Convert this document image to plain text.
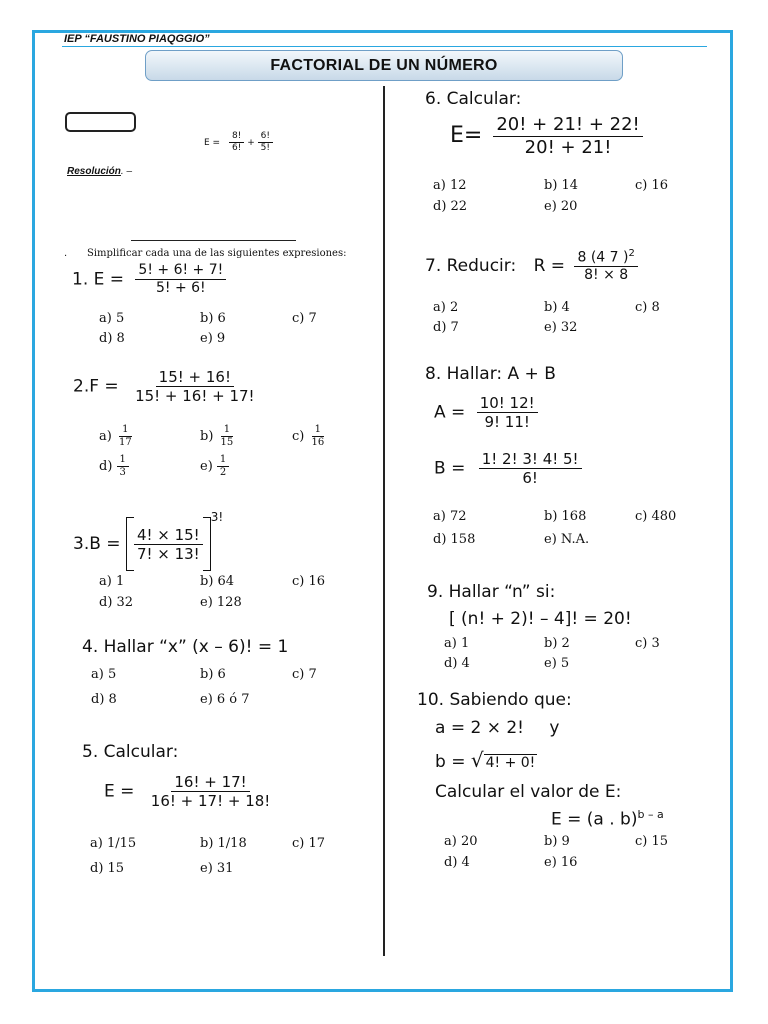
IEP “FAUSTINO PIAQGGIO”
FACTORIAL DE UN NÚMERO
$E = \frac{8!}{6!} + \frac{6!}{5!}$
Resolución. –
. Simplificar cada una de las siguientes expresiones:
1. $E = \frac{5! + 6! + 7!}{5! + 6!}$
a) 5	b) 6	c) 7
d) 8	e) 9
$2.F = \frac{15! + 16!}{15! + 16! + 17!}$
$a) \frac{1}{17}$	$b) \frac{1}{15}$	$c) \frac{1}{16}$
$d) \frac{1}{3}$	$e) \frac{1}{2}$
$3.B = \frac{4! \times 15!}{7! \times 13!}$
$^{3!}$
a) 1	b) 64	c) 16
d) 32	e) 128
4. Hallar “x” (x – 6)! = 1
a) 5	b) 6	c) 7
d) 8	e) 6 ó 7
5. Calcular:
$E = \frac{16! + 17!}{16! + 17! + 18!}$
a) 1/15	b) 1/18	c) 17
d) 15	e) 31
6. Calcular:
$E= \frac{20! + 21! + 22!}{20! + 21!}$
a) 12	b) 14	c) 16
d) 22	e) 20
7. Reducir: $R = \frac{8 (4 7 )^2}{8! \times 8}$
a) 2	b) 4	c) 8
d) 7	e) 32
8. Hallar: A + B
$A = \frac{10! 12!}{9! 11!}$
$B = \frac{1! 2! 3! 4! 5!}{6!}$
a) 72	b) 168	c) 480
d) 158	e) N.A.
9. Hallar “n” si:
[ (n! + 2)! – 4]! = 20!
a) 1	b) 2	c) 3
d) 4	e) 5
10. Sabiendo que:
a = 2 × 2! y
b = √ 4! + 0!
Calcular el valor de E:
E = (a . b)$^{b - a}$
a) 20	b) 9	c) 15
d) 4	e) 16
